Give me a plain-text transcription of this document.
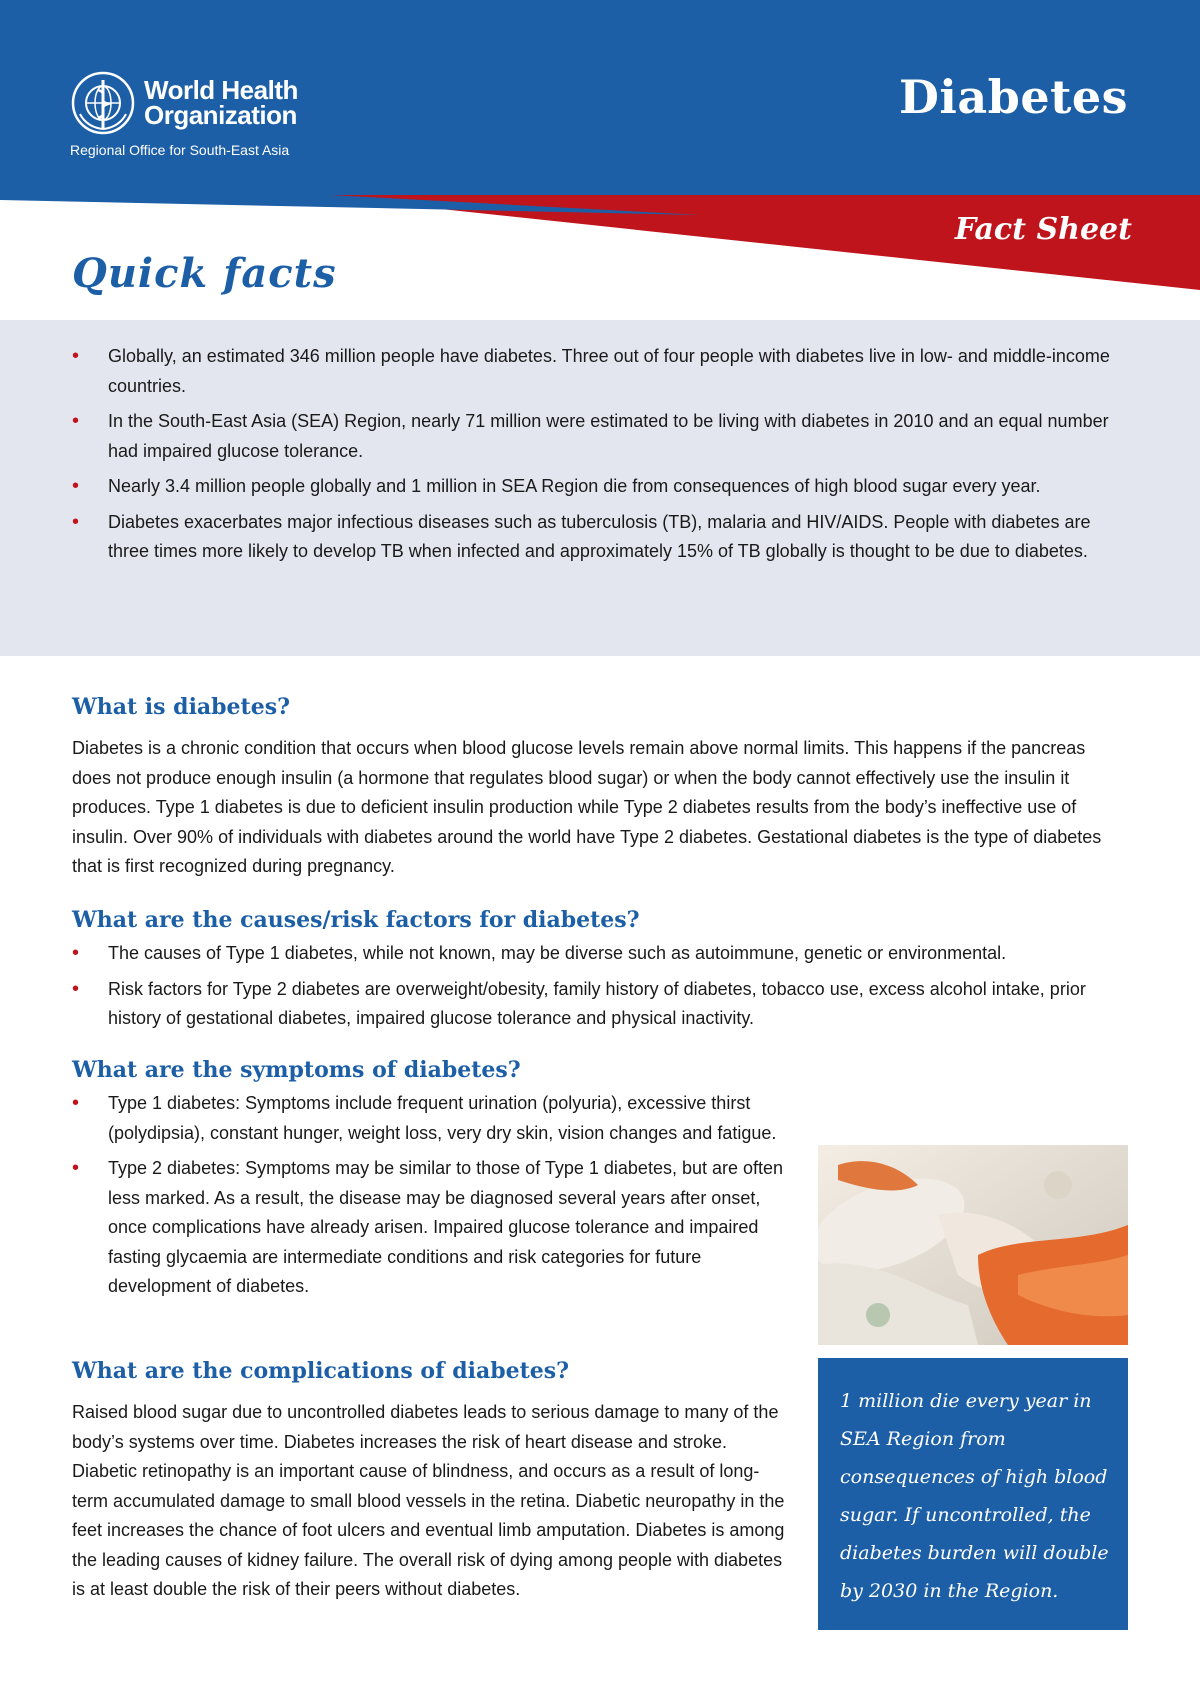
World Health
Organization
Regional Office for South-East Asia
Diabetes
Fact Sheet
Quick facts
• Globally, an estimated 346 million people have diabetes. Three out of four people with diabetes live in low- and middle-income countries.
• In the South-East Asia (SEA) Region, nearly 71 million were estimated to be living with diabetes in 2010 and an equal number had impaired glucose tolerance.
• Nearly 3.4 million people globally and 1 million in SEA Region die from consequences of high blood sugar every year.
• Diabetes exacerbates major infectious diseases such as tuberculosis (TB), malaria and HIV/AIDS. People with diabetes are three times more likely to develop TB when infected and approximately 15% of TB globally is thought to be due to diabetes.
What is diabetes?

Diabetes is a chronic condition that occurs when blood glucose levels remain above normal limits. This happens if the pancreas does not produce enough insulin (a hormone that regulates blood sugar) or when the body cannot effectively use the insulin it produces. Type 1 diabetes is due to deficient insulin production while Type 2 diabetes results from the body’s ineffective use of insulin. Over 90% of individuals with diabetes around the world have Type 2 diabetes. Gestational diabetes is the type of diabetes that is first recognized during pregnancy.

What are the causes/risk factors for diabetes?
• The causes of Type 1 diabetes, while not known, may be diverse such as autoimmune, genetic or environmental.
• Risk factors for Type 2 diabetes are overweight/obesity, family history of diabetes, tobacco use, excess alcohol intake, prior history of gestational diabetes, impaired glucose tolerance and physical inactivity.
What are the symptoms of diabetes?
• Type 1 diabetes: Symptoms include frequent urination (polyuria), excessive thirst (polydipsia), constant hunger, weight loss, very dry skin, vision changes and fatigue.
• Type 2 diabetes: Symptoms may be similar to those of Type 1 diabetes, but are often less marked. As a result, the disease may be diagnosed several years after onset, once complications have already arisen. Impaired glucose tolerance and impaired fasting glycaemia are intermediate conditions and risk categories for future development of diabetes.
What are the complications of diabetes?

Raised blood sugar due to uncontrolled diabetes leads to serious damage to many of the body’s systems over time. Diabetes increases the risk of heart disease and stroke. Diabetic retinopathy is an important cause of blindness, and occurs as a result of long-term accumulated damage to small blood vessels in the retina. Diabetic neuropathy in the feet increases the chance of foot ulcers and eventual limb amputation. Diabetes is among the leading causes of kidney failure. The overall risk of dying among people with diabetes is at least double the risk of their peers without diabetes.

1 million die every year in SEA Region from consequences of high blood sugar. If uncontrolled, the diabetes burden will double by 2030 in the Region.
